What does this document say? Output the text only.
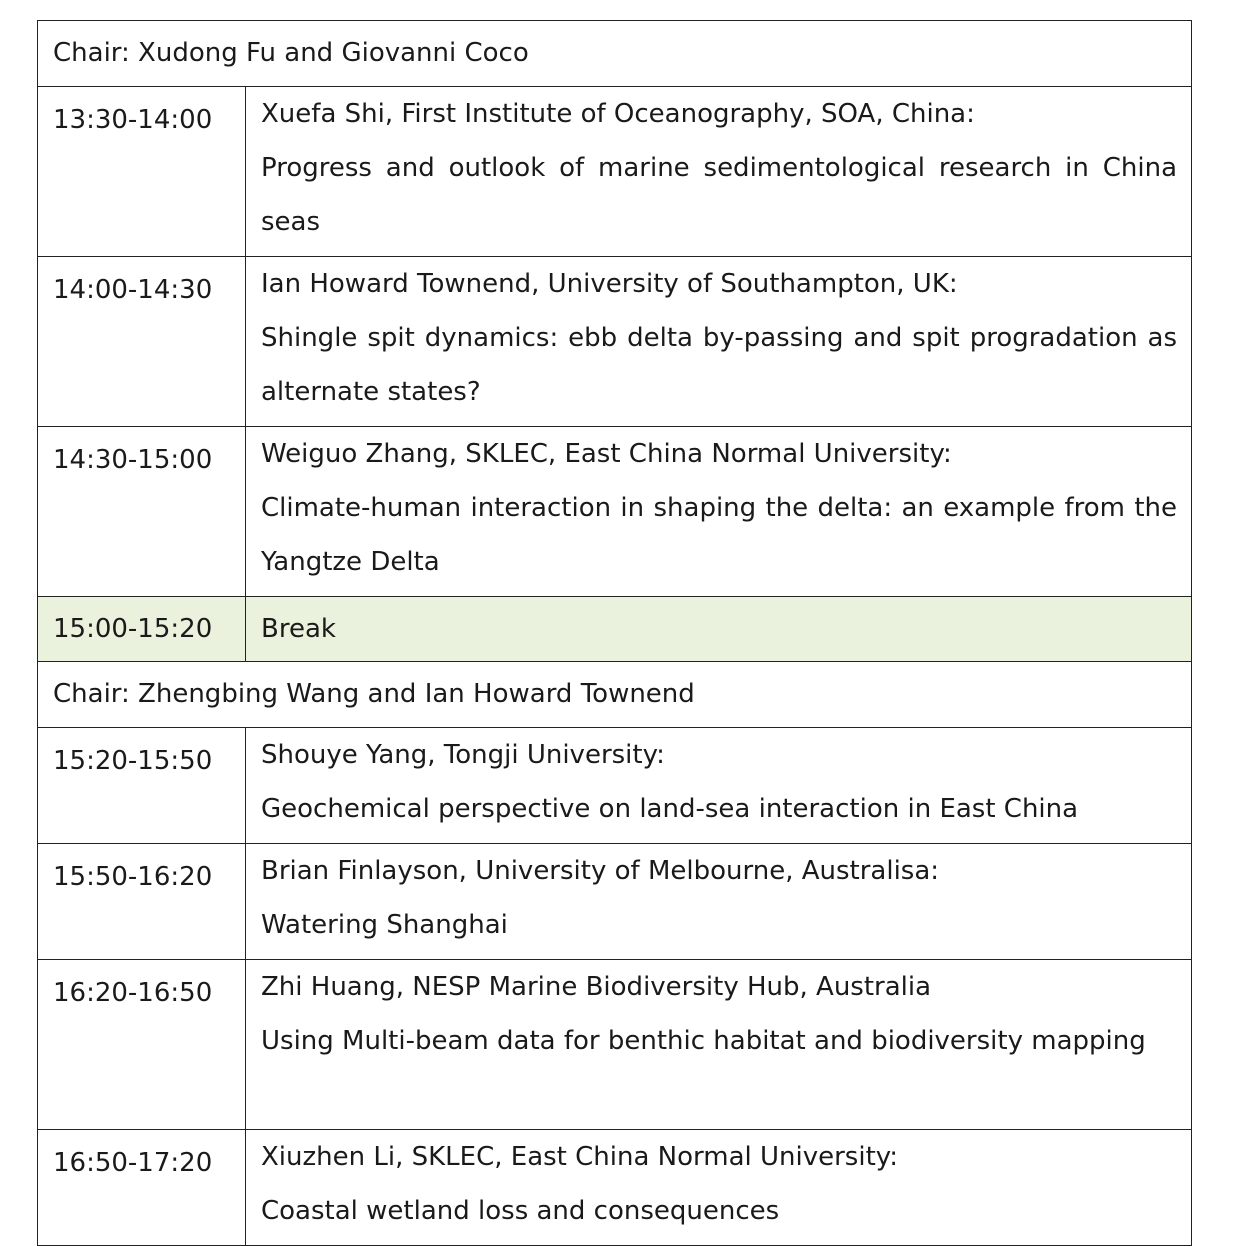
Chair: Xudong Fu and Giovanni Coco	
13:30-14:00	Xuefa Shi, First Institute of Oceanography, SOA, China:
Progress and outlook of marine sedimentological research in China seas

14:00-14:30	Ian Howard Townend, University of Southampton, UK:
Shingle spit dynamics: ebb delta by-passing and spit progradation as alternate states?

14:30-15:00	Weiguo Zhang, SKLEC, East China Normal University:
Climate-human interaction in shaping the delta: an example from the Yangtze Delta

15:00-15:20	Break
Chair: Zhengbing Wang and Ian Howard Townend	
15:20-15:50	Shouye Yang, Tongji University:
Geochemical perspective on land-sea interaction in East China

15:50-16:20	Brian Finlayson, University of Melbourne, Australisa:
Watering Shanghai

16:20-16:50	Zhi Huang, NESP Marine Biodiversity Hub, Australia
Using Multi-beam data for benthic habitat and biodiversity mapping

16:50-17:20	Xiuzhen Li, SKLEC, East China Normal University:
Coastal wetland loss and consequences
